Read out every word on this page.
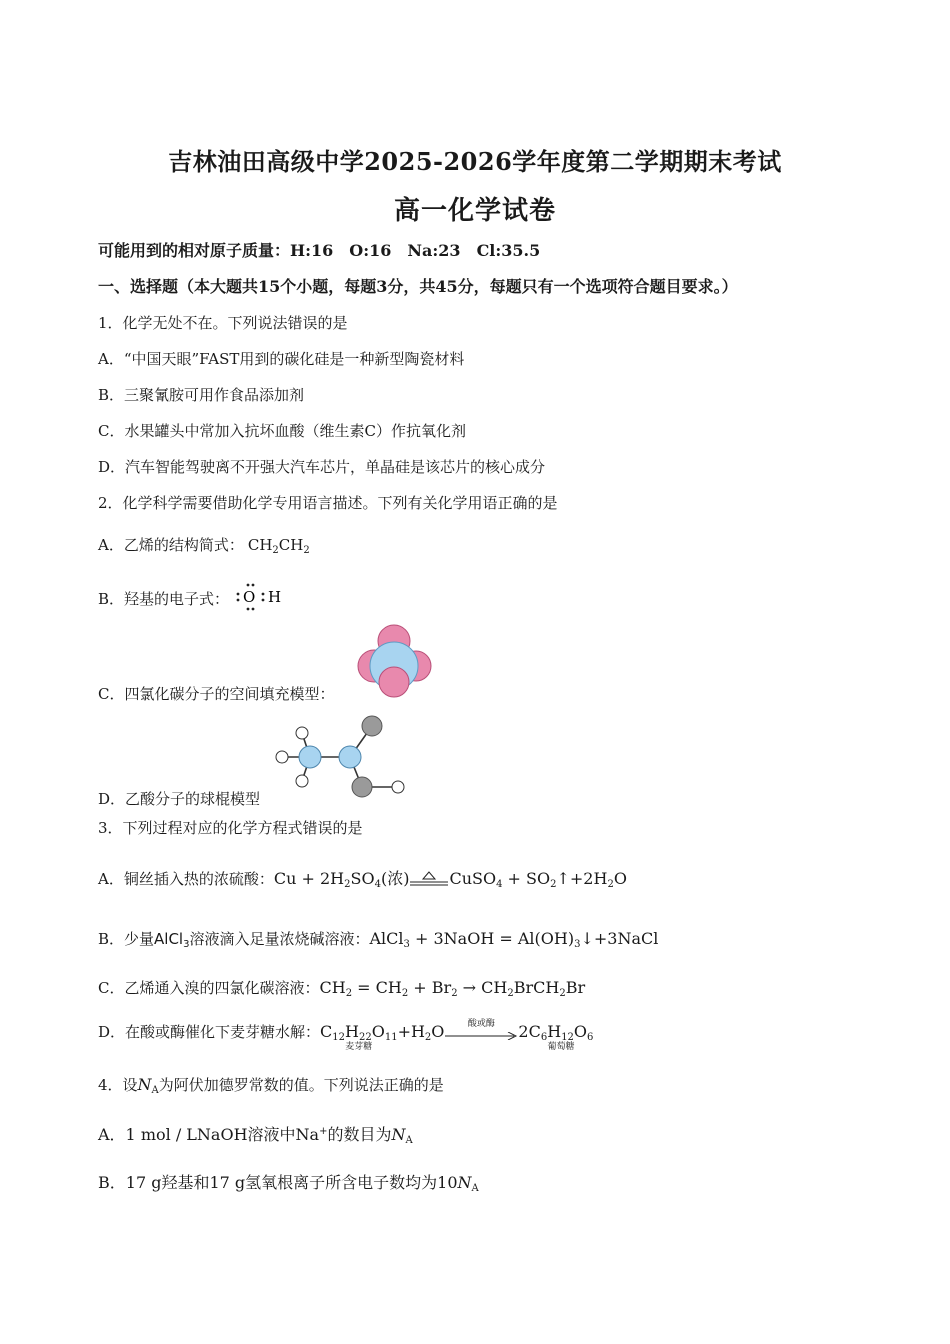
吉林油田高级中学2025-2026学年度第二学期期末考试
高一化学试卷
可能用到的相对原子质量：H:16　O:16　Na:23　Cl:35.5
一、选择题（本大题共15个小题，每题3分，共45分，每题只有一个选项符合题目要求。）
1．化学无处不在。下列说法错误的是
A．“中国天眼”FAST用到的碳化硅是一种新型陶瓷材料
B．三聚氰胺可用作食品添加剂
C．水果罐头中常加入抗坏血酸（维生素C）作抗氧化剂
D．汽车智能驾驶离不开强大汽车芯片，单晶硅是该芯片的核心成分
2．化学科学需要借助化学专用语言描述。下列有关化学用语正确的是
A．乙烯的结构简式： $CH_2CH_2$
B．羟基的电子式： O H
C．四氯化碳分子的空间填充模型：
D．乙酸分子的球棍模型
3．下列过程对应的化学方程式错误的是
A．铜丝插入热的浓硫酸：$Cu + 2H_2SO_4$(浓)	CuSO$_4$ + $SO_2↑+2H_2O$
B．少量AlCl$_3$溶液滴入足量浓烧碱溶液：AlCl$_3$ + 3NaOH = $Al(OH)_3↓+3NaCl$
C．乙烯通入溴的四氯化碳溶液：$CH_2 = CH_2 + Br_2$ → $CH_2BrCH_2Br$
D．在酸或酶催化下麦芽糖水解：$C_{12}H_{22}O_{11}$
麦芽糖
$+H_2O$	酸或酶	$2C_6H_{12}O_6$
葡萄糖
4．设$N_A$为阿伏加德罗常数的值。下列说法正确的是
A．1 mol / LNaOH溶液中Na+的数目为$N_A$
B．17 g羟基和17 g氢氧根离子所含电子数均为$10N_A$
